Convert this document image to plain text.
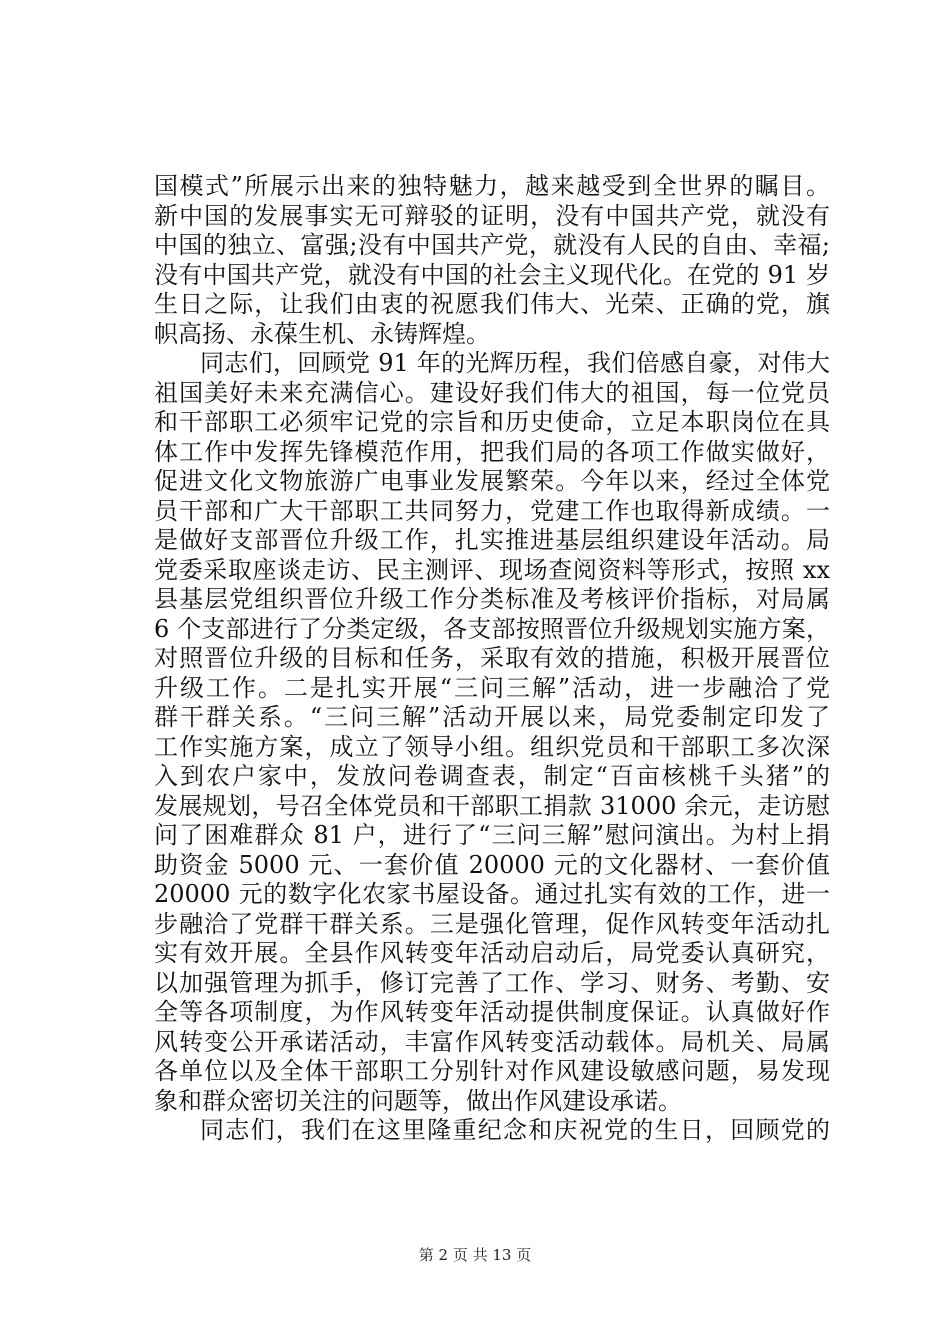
国模式”所展示出来的独特魅力，越来越受到全世界的瞩目。
新中国的发展事实无可辩驳的证明，没有中国共产党，就没有
中国的独立、富强;没有中国共产党，就没有人民的自由、幸福;
没有中国共产党，就没有中国的社会主义现代化。在党的 91 岁
生日之际，让我们由衷的祝愿我们伟大、光荣、正确的党，旗
帜高扬、永葆生机、永铸辉煌。
同志们，回顾党 91 年的光辉历程，我们倍感自豪，对伟大
祖国美好未来充满信心。建设好我们伟大的祖国，每一位党员
和干部职工必须牢记党的宗旨和历史使命，立足本职岗位在具
体工作中发挥先锋模范作用，把我们局的各项工作做实做好，
促进文化文物旅游广电事业发展繁荣。今年以来，经过全体党
员干部和广大干部职工共同努力，党建工作也取得新成绩。一
是做好支部晋位升级工作，扎实推进基层组织建设年活动。局
党委采取座谈走访、民主测评、现场查阅资料等形式，按照 xx
县基层党组织晋位升级工作分类标准及考核评价指标，对局属
6 个支部进行了分类定级，各支部按照晋位升级规划实施方案，
对照晋位升级的目标和任务，采取有效的措施，积极开展晋位
升级工作。二是扎实开展“三问三解”活动，进一步融洽了党
群干群关系。“三问三解”活动开展以来，局党委制定印发了
工作实施方案，成立了领导小组。组织党员和干部职工多次深
入到农户家中，发放问卷调查表，制定“百亩核桃千头猪”的
发展规划，号召全体党员和干部职工捐款 31000 余元，走访慰
问了困难群众 81 户，进行了“三问三解”慰问演出。为村上捐
助资金 5000 元、一套价值 20000 元的文化器材、一套价值
20000 元的数字化农家书屋设备。通过扎实有效的工作，进一
步融洽了党群干群关系。三是强化管理，促作风转变年活动扎
实有效开展。全县作风转变年活动启动后，局党委认真研究，
以加强管理为抓手，修订完善了工作、学习、财务、考勤、安
全等各项制度，为作风转变年活动提供制度保证。认真做好作
风转变公开承诺活动，丰富作风转变活动载体。局机关、局属
各单位以及全体干部职工分别针对作风建设敏感问题，易发现
象和群众密切关注的问题等，做出作风建设承诺。
同志们，我们在这里隆重纪念和庆祝党的生日，回顾党的
第 2 页 共 13 页
